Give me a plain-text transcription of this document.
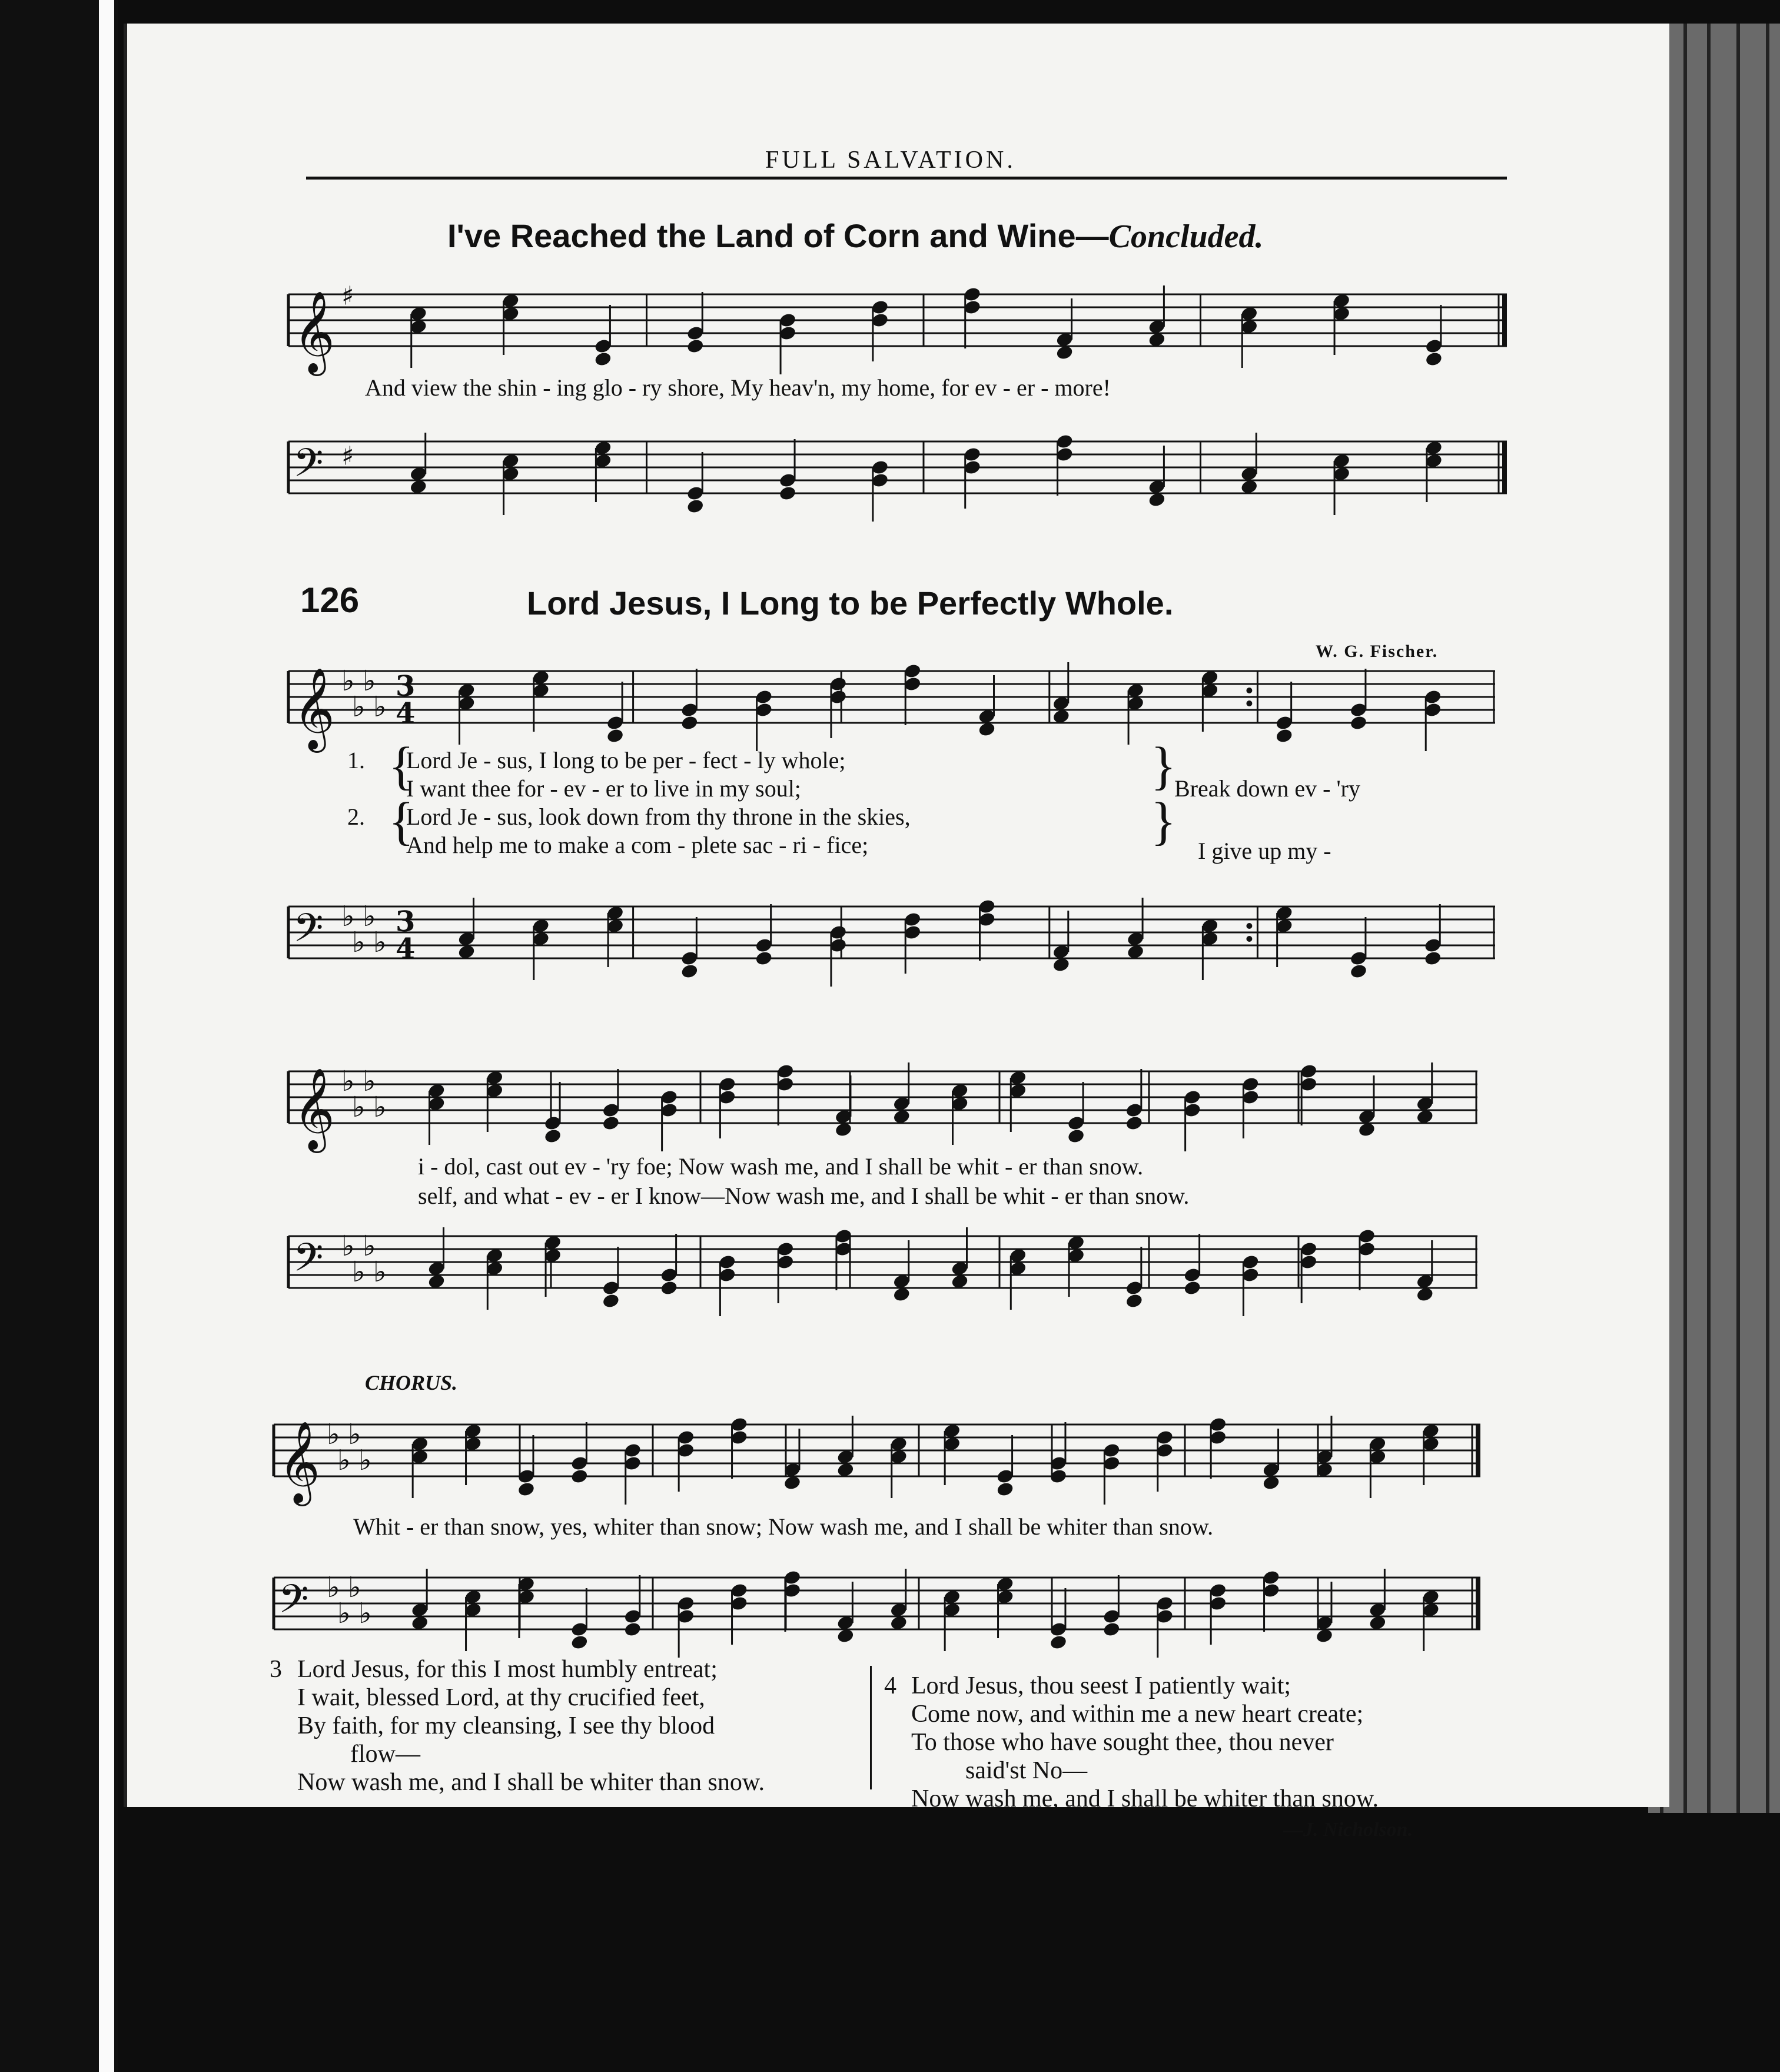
FULL SALVATION.
I've Reached the Land of Corn and Wine—Concluded.
𝄞 ♯
And view the shin - ing glo - ry shore, My heav'n, my home, for ev - er - more!
𝄢 ♯
126	Lord Jesus, I Long to be Perfectly Whole.
W. G. Fischer.
𝄞 ♭
♭
♭
♭
3
4
1.
2.
{
{
Lord Je - sus, I long to be per - fect - ly whole;
I want thee for - ev - er to live in my soul;
Lord Je - sus, look down from thy throne in the skies,
And help me to make a com - plete sac - ri - fice;
}
}
Break down ev - 'ry
I give up my -
𝄢 ♭
♭
♭
♭
3
4
𝄞 ♭
♭
♭
♭
i - dol, cast out ev - 'ry foe; Now wash me, and I shall be whit - er than snow.
self, and what - ev - er I know—Now wash me, and I shall be whit - er than snow.
𝄢 ♭
♭
♭
♭
CHORUS.
𝄞 ♭
♭
♭
♭
Whit - er than snow, yes, whiter than snow; Now wash me, and I shall be whiter than snow.
𝄢 ♭
♭
♭
♭
3 Lord Jesus, for this I most humbly entreat;
I wait, blessed Lord, at thy crucified feet,
By faith, for my cleansing, I see thy blood
flow—
Now wash me, and I shall be whiter than snow.
4 Lord Jesus, thou seest I patiently wait;
Come now, and within me a new heart create;
To those who have sought thee, thou never
said'st No—
Now wash me, and I shall be whiter than snow.
—J. Nicholson.
